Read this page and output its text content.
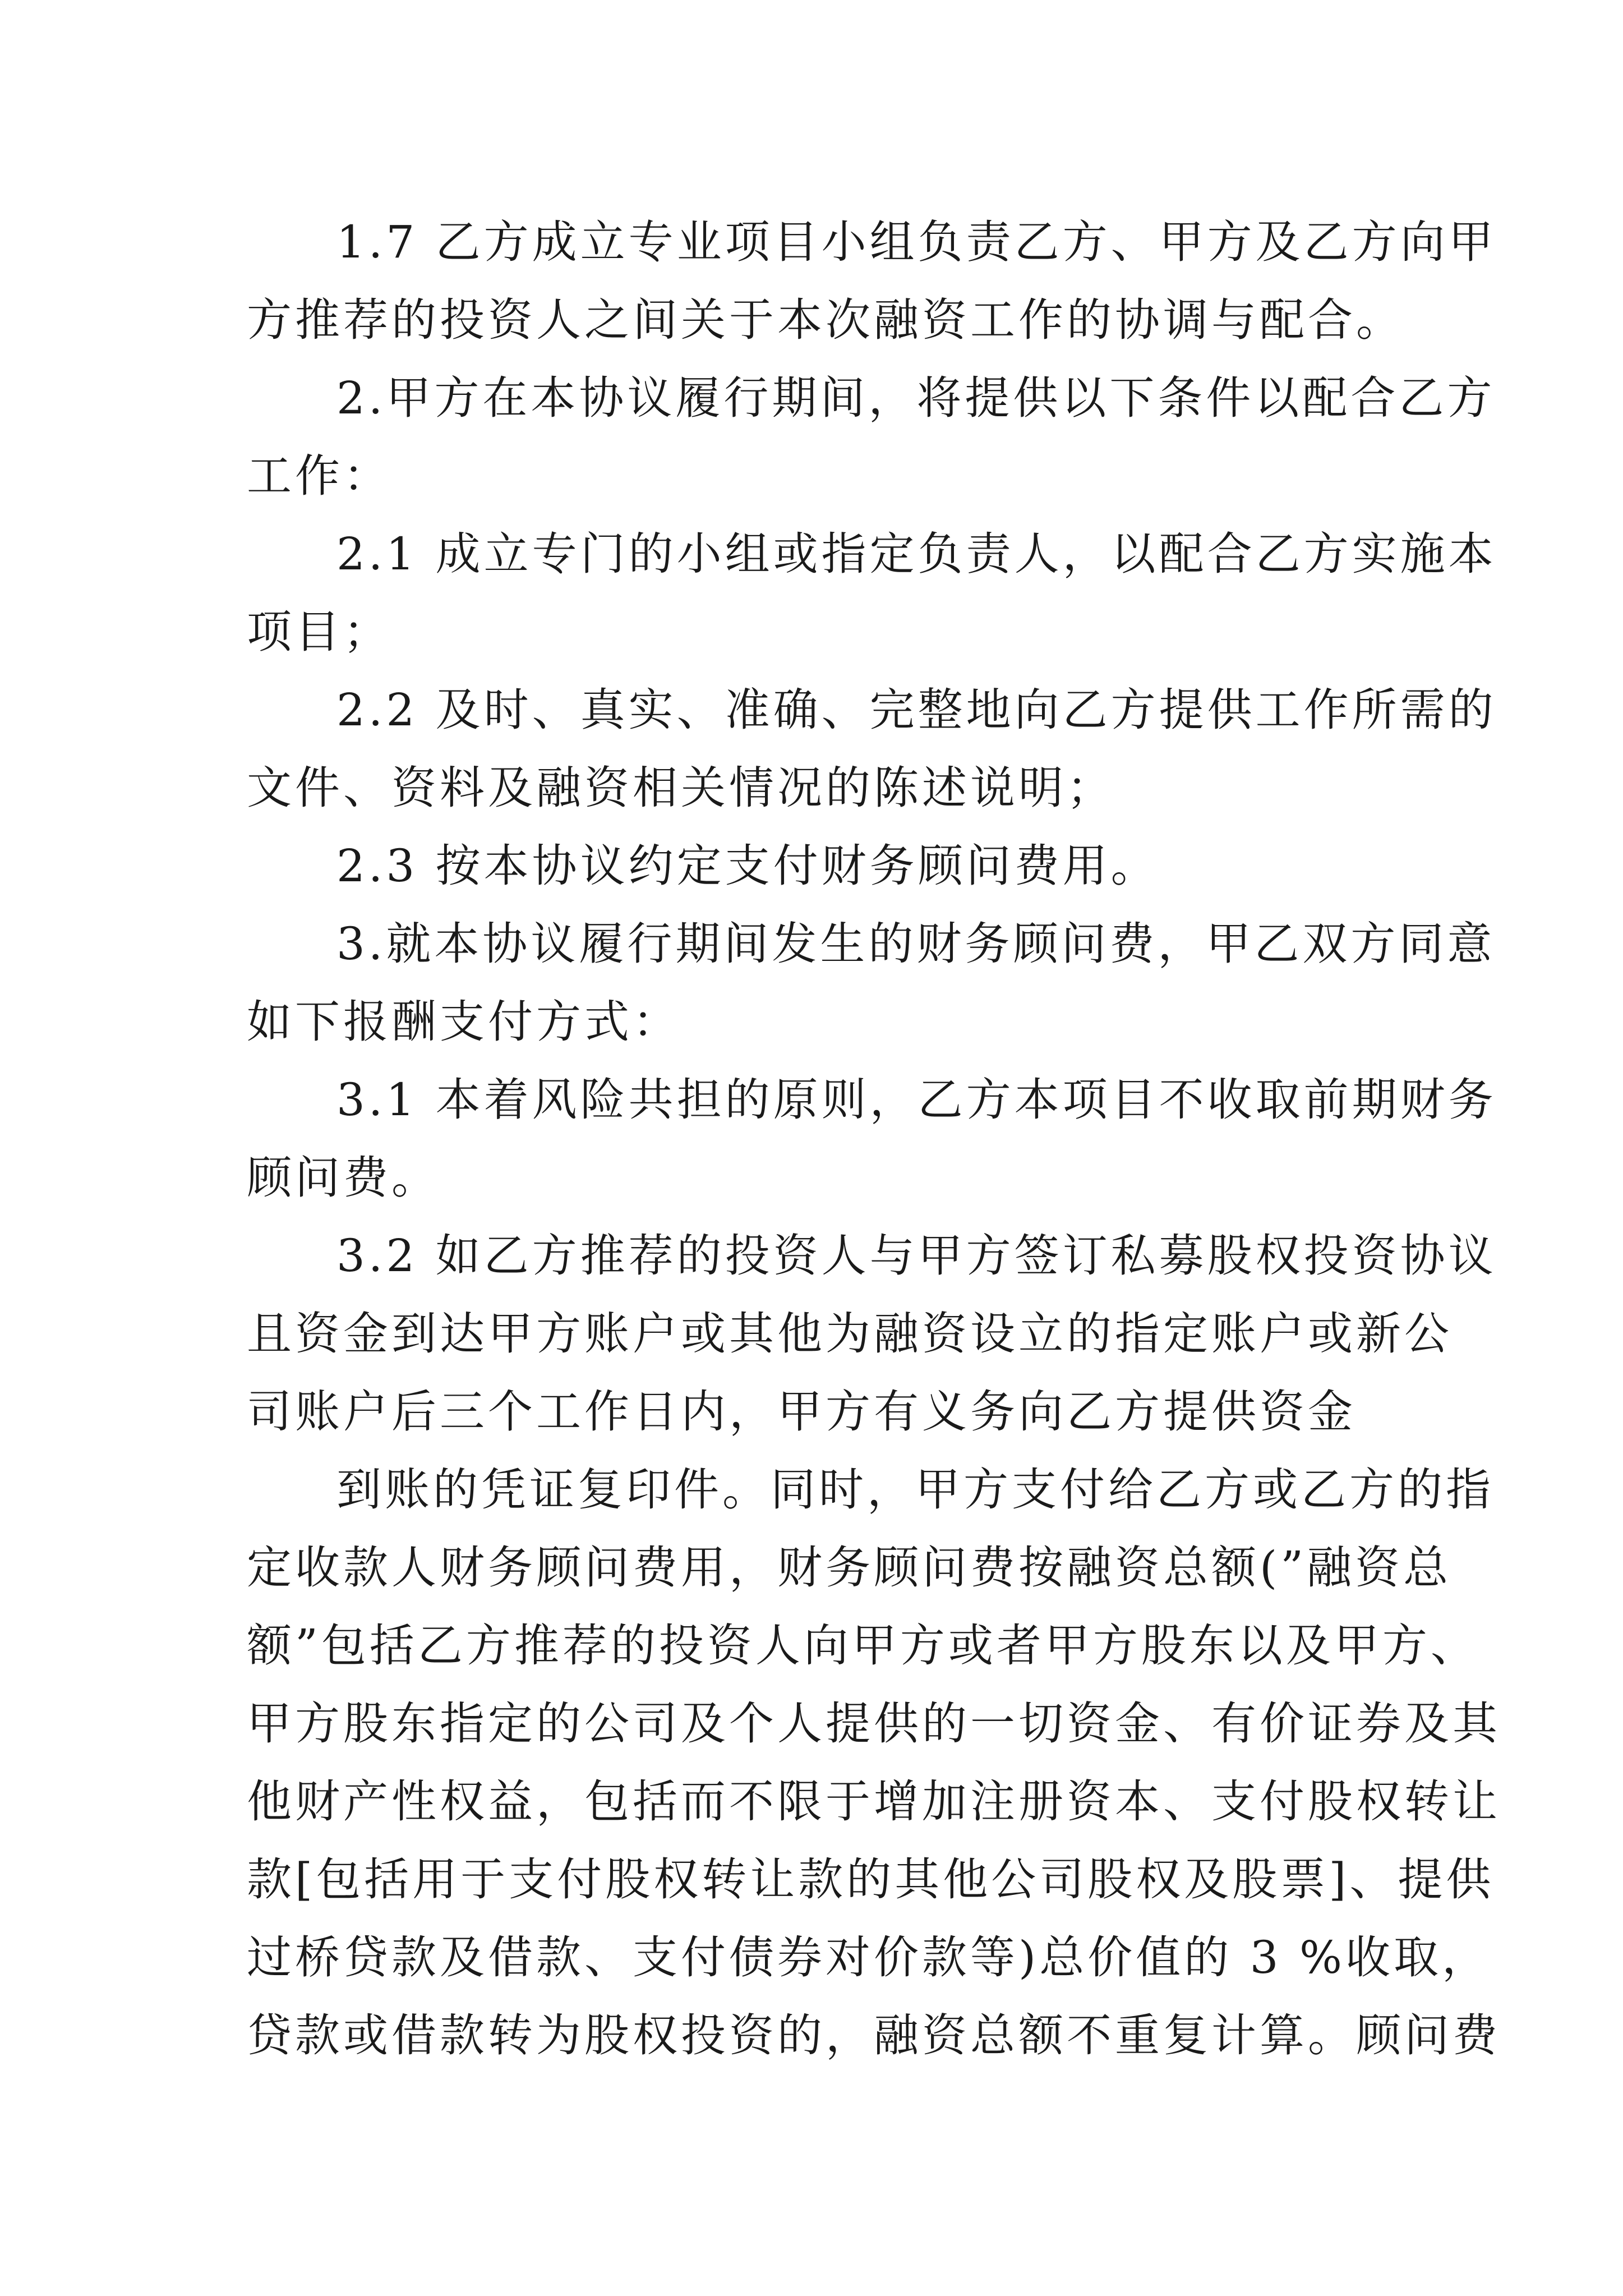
1.7 乙方成立专业项目小组负责乙方、甲方及乙方向甲
方推荐的投资人之间关于本次融资工作的协调与配合。
2.甲方在本协议履行期间，将提供以下条件以配合乙方
工作：
2.1 成立专门的小组或指定负责人，以配合乙方实施本
项目；
2.2 及时、真实、准确、完整地向乙方提供工作所需的
文件、资料及融资相关情况的陈述说明；
2.3 按本协议约定支付财务顾问费用。
3.就本协议履行期间发生的财务顾问费，甲乙双方同意
如下报酬支付方式：
3.1 本着风险共担的原则，乙方本项目不收取前期财务
顾问费。
3.2 如乙方推荐的投资人与甲方签订私募股权投资协议
且资金到达甲方账户或其他为融资设立的指定账户或新公
司账户后三个工作日内，甲方有义务向乙方提供资金
到账的凭证复印件。同时，甲方支付给乙方或乙方的指
定收款人财务顾问费用，财务顾问费按融资总额(”融资总
额”包括乙方推荐的投资人向甲方或者甲方股东以及甲方、
甲方股东指定的公司及个人提供的一切资金、有价证券及其
他财产性权益，包括而不限于增加注册资本、支付股权转让
款[包括用于支付股权转让款的其他公司股权及股票]、提供
过桥贷款及借款、支付债券对价款等)总价值的 3 %收取，
贷款或借款转为股权投资的，融资总额不重复计算。顾问费
